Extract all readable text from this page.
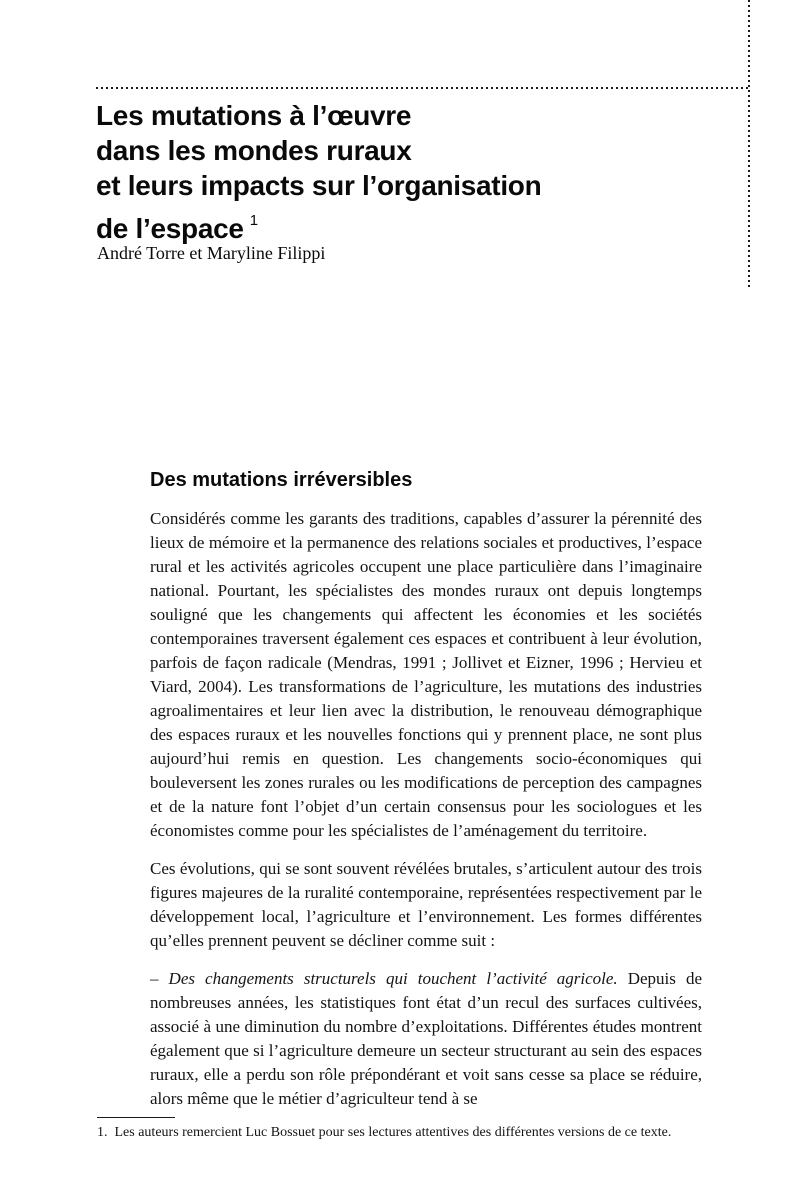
Les mutations à l’œuvre
dans les mondes ruraux
et leurs impacts sur l’organisation
de l’espace $^1$
André Torre et Maryline Filippi
Des mutations irréversibles

Considérés comme les garants des traditions, capables d’assurer la pérennité des lieux de mémoire et la permanence des relations sociales et productives, l’espace rural et les activités agricoles occupent une place particulière dans l’imaginaire national. Pourtant, les spécialistes des mondes ruraux ont depuis longtemps souligné que les changements qui affectent les économies et les sociétés contemporaines traversent également ces espaces et contribuent à leur évolution, parfois de façon radicale (Mendras, 1991 ; Jollivet et Eizner, 1996 ; Hervieu et Viard, 2004). Les transformations de l’agriculture, les mutations des industries agroalimentaires et leur lien avec la distribution, le renouveau démographique des espaces ruraux et les nouvelles fonctions qui y prennent place, ne sont plus aujourd’hui remis en question. Les changements socio-économiques qui bouleversent les zones rurales ou les modifications de perception des campagnes et de la nature font l’objet d’un certain consensus pour les sociologues et les économistes comme pour les spécialistes de l’aménagement du territoire.

Ces évolutions, qui se sont souvent révélées brutales, s’articulent autour des trois figures majeures de la ruralité contemporaine, représentées respectivement par le développement local, l’agriculture et l’environnement. Les formes différentes qu’elles prennent peuvent se décliner comme suit :

– Des changements structurels qui touchent l’activité agricole. Depuis de nombreuses années, les statistiques font état d’un recul des surfaces cultivées, associé à une diminution du nombre d’exploitations. Différentes études montrent également que si l’agriculture demeure un secteur structurant au sein des espaces ruraux, elle a perdu son rôle prépondérant et voit sans cesse sa place se réduire, alors même que le métier d’agriculteur tend à se

1. Les auteurs remercient Luc Bossuet pour ses lectures attentives des différentes versions de ce texte.
